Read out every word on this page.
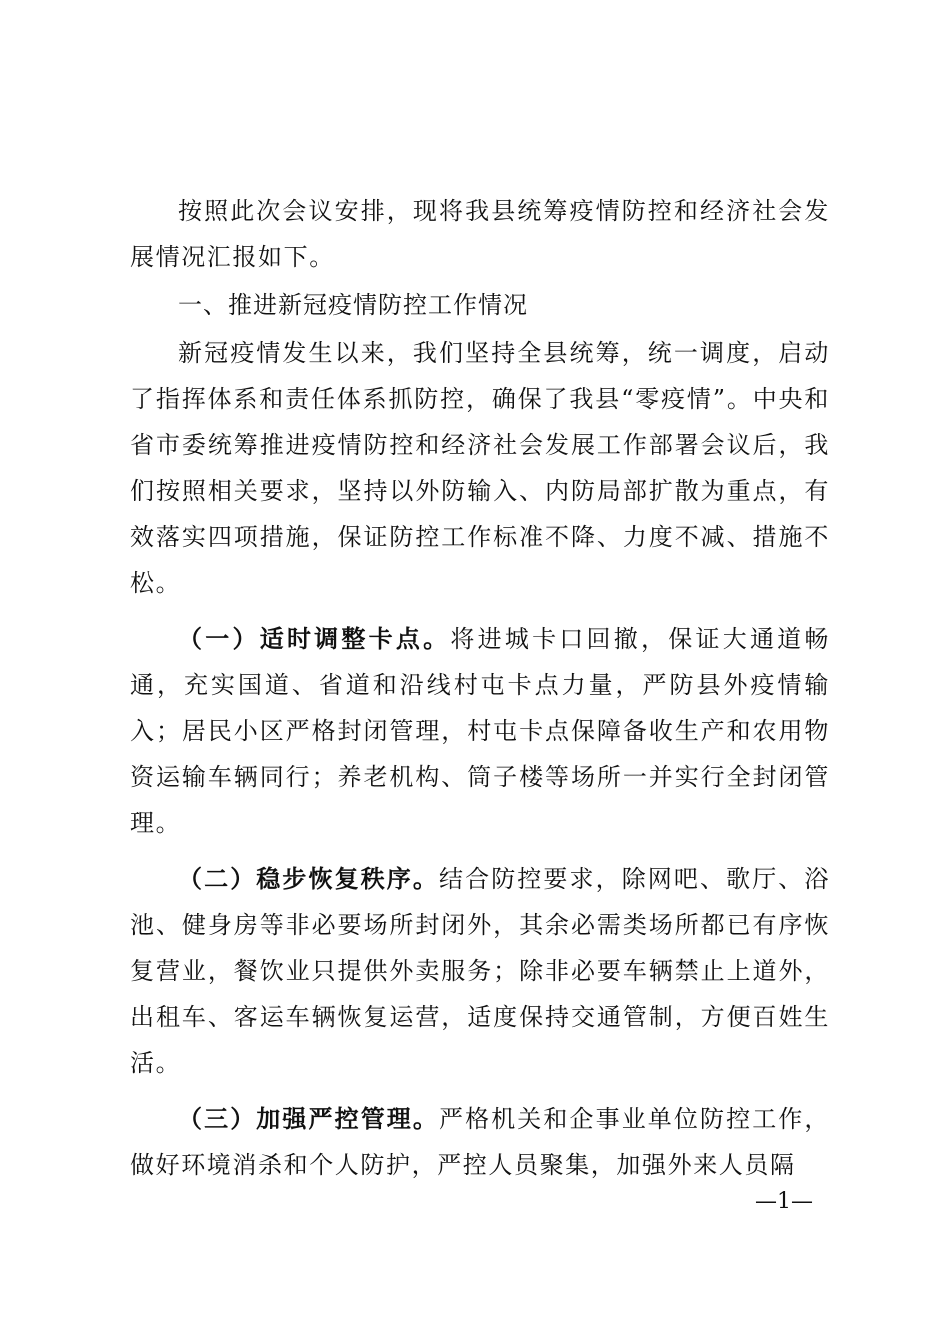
按照此次会议安排，现将我县统筹疫情防控和经济社会发展情况汇报如下。

一、推进新冠疫情防控工作情况

新冠疫情发生以来，我们坚持全县统筹，统一调度，启动了指挥体系和责任体系抓防控，确保了我县“零疫情”。中央和省市委统筹推进疫情防控和经济社会发展工作部署会议后，我们按照相关要求，坚持以外防输入、内防局部扩散为重点，有效落实四项措施，保证防控工作标准不降、力度不减、措施不松。

（一）适时调整卡点。将进城卡口回撤，保证大通道畅通，充实国道、省道和沿线村屯卡点力量，严防县外疫情输入；居民小区严格封闭管理，村屯卡点保障备收生产和农用物资运输车辆同行；养老机构、筒子楼等场所一并实行全封闭管理。

（二）稳步恢复秩序。结合防控要求，除网吧、歌厅、浴池、健身房等非必要场所封闭外，其余必需类场所都已有序恢复营业，餐饮业只提供外卖服务；除非必要车辆禁止上道外，出租车、客运车辆恢复运营，适度保持交通管制，方便百姓生活。

（三）加强严控管理。严格机关和企事业单位防控工作，做好环境消杀和个人防护，严控人员聚集，加强外来人员隔

—1—
